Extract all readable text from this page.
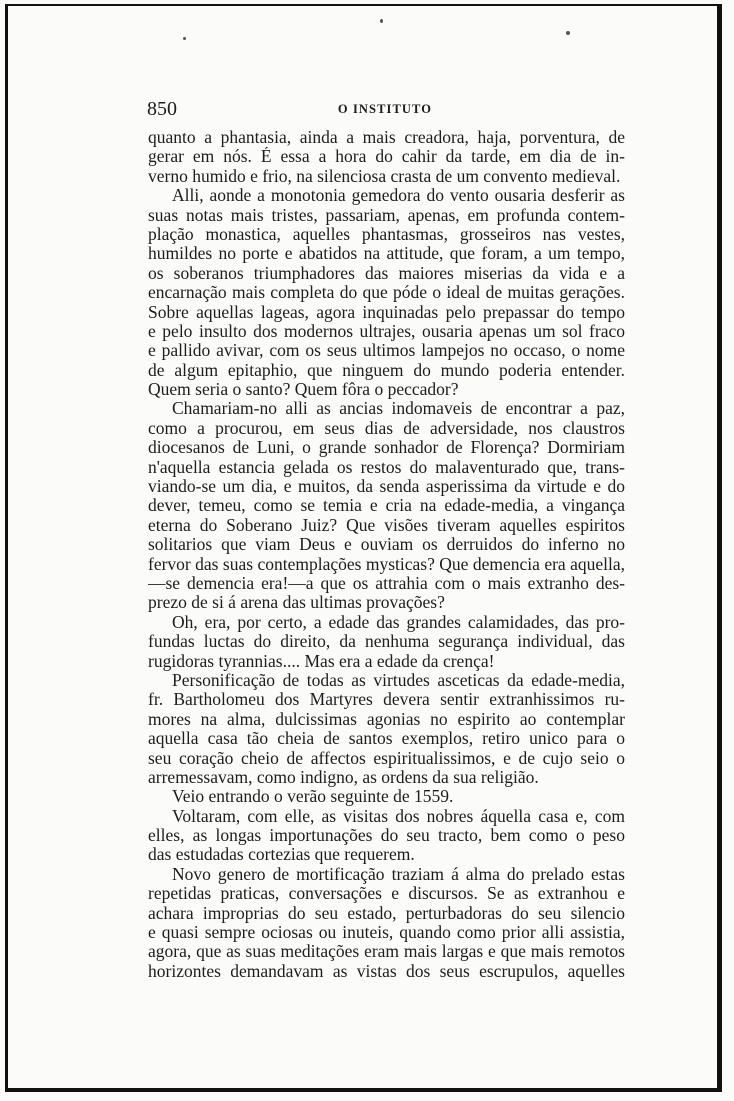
850	O INSTITUTO
quanto a phantasia, ainda a mais creadora, haja, porventura, de
gerar em nós. É essa a hora do cahir da tarde, em dia de in-
verno humido e frio, na silenciosa crasta de um convento medieval.
Alli, aonde a monotonia gemedora do vento ousaria desferir as
suas notas mais tristes, passariam, apenas, em profunda contem-
plação monastica, aquelles phantasmas, grosseiros nas vestes,
humildes no porte e abatidos na attitude, que foram, a um tempo,
os soberanos triumphadores das maiores miserias da vida e a
encarnação mais completa do que póde o ideal de muitas gerações.
Sobre aquellas lageas, agora inquinadas pelo prepassar do tempo
e pelo insulto dos modernos ultrajes, ousaria apenas um sol fraco
e pallido avivar, com os seus ultimos lampejos no occaso, o nome
de algum epitaphio, que ninguem do mundo poderia entender.
Quem seria o santo? Quem fôra o peccador?
Chamariam-no alli as ancias indomaveis de encontrar a paz,
como a procurou, em seus dias de adversidade, nos claustros
diocesanos de Luni, o grande sonhador de Florença? Dormiriam
n'aquella estancia gelada os restos do malaventurado que, trans-
viando-se um dia, e muitos, da senda asperissima da virtude e do
dever, temeu, como se temia e cria na edade-media, a vingança
eterna do Soberano Juiz? Que visões tiveram aquelles espiritos
solitarios que viam Deus e ouviam os derruidos do inferno no
fervor das suas contemplações mysticas? Que demencia era aquella,
—se demencia era!—a que os attrahia com o mais extranho des-
prezo de si á arena das ultimas provações?
Oh, era, por certo, a edade das grandes calamidades, das pro-
fundas luctas do direito, da nenhuma segurança individual, das
rugidoras tyrannias.... Mas era a edade da crença!
Personificação de todas as virtudes asceticas da edade-media,
fr. Bartholomeu dos Martyres devera sentir extranhissimos ru-
mores na alma, dulcissimas agonias no espirito ao contemplar
aquella casa tão cheia de santos exemplos, retiro unico para o
seu coração cheio de affectos espiritualissimos, e de cujo seio o
arremessavam, como indigno, as ordens da sua religião.
Veio entrando o verão seguinte de 1559.
Voltaram, com elle, as visitas dos nobres áquella casa e, com
elles, as longas importunações do seu tracto, bem como o peso
das estudadas cortezias que requerem.
Novo genero de mortificação traziam á alma do prelado estas
repetidas praticas, conversações e discursos. Se as extranhou e
achara improprias do seu estado, perturbadoras do seu silencio
e quasi sempre ociosas ou inuteis, quando como prior alli assistia,
agora, que as suas meditações eram mais largas e que mais remotos
horizontes demandavam as vistas dos seus escrupulos, aquelles
